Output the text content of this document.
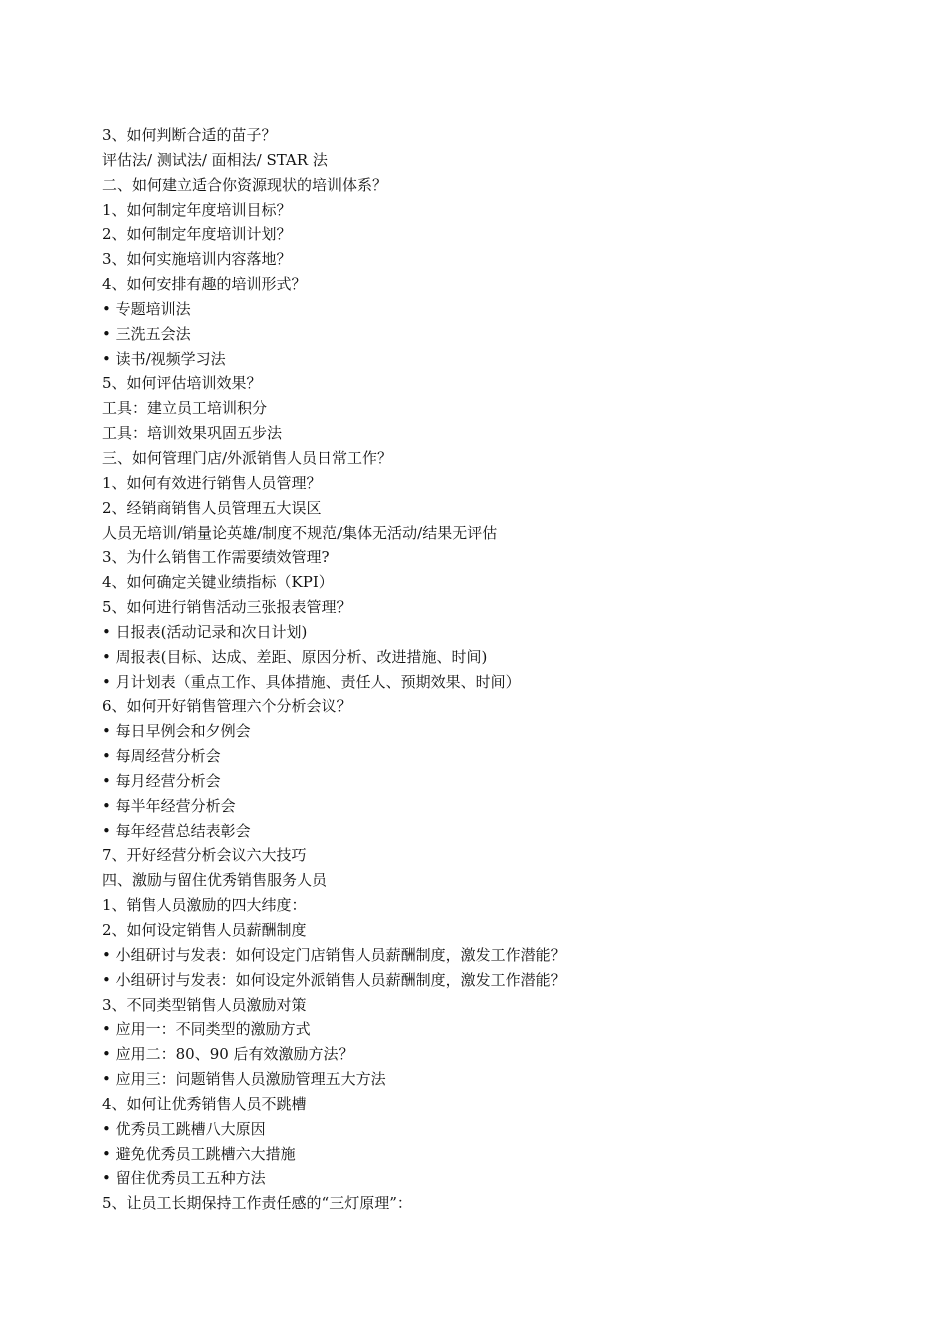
3、如何判断合适的苗子？
评估法/ 测试法/ 面相法/ STAR 法
二、如何建立适合你资源现状的培训体系？
1、如何制定年度培训目标？
2、如何制定年度培训计划？
3、如何实施培训内容落地？
4、如何安排有趣的培训形式？
• 专题培训法
• 三洗五会法
• 读书/视频学习法
5、如何评估培训效果？
工具：建立员工培训积分
工具：培训效果巩固五步法
三、如何管理门店/外派销售人员日常工作？
1、如何有效进行销售人员管理？
2、经销商销售人员管理五大误区
人员无培训/销量论英雄/制度不规范/集体无活动/结果无评估
3、为什么销售工作需要绩效管理?
4、如何确定关键业绩指标（KPI）
5、如何进行销售活动三张报表管理？
• 日报表(活动记录和次日计划)
• 周报表(目标、达成、差距、原因分析、改进措施、时间)
• 月计划表（重点工作、具体措施、责任人、预期效果、时间）
6、如何开好销售管理六个分析会议？
• 每日早例会和夕例会
• 每周经营分析会
• 每月经营分析会
• 每半年经营分析会
• 每年经营总结表彰会
7、开好经营分析会议六大技巧
四、激励与留住优秀销售服务人员
1、销售人员激励的四大纬度：
2、如何设定销售人员薪酬制度
• 小组研讨与发表：如何设定门店销售人员薪酬制度，激发工作潜能？
• 小组研讨与发表：如何设定外派销售人员薪酬制度，激发工作潜能？
3、不同类型销售人员激励对策
• 应用一：不同类型的激励方式
• 应用二：80、90 后有效激励方法？
• 应用三：问题销售人员激励管理五大方法
4、如何让优秀销售人员不跳槽
• 优秀员工跳槽八大原因
• 避免优秀员工跳槽六大措施
• 留住优秀员工五种方法
5、让员工长期保持工作责任感的“三灯原理”：
